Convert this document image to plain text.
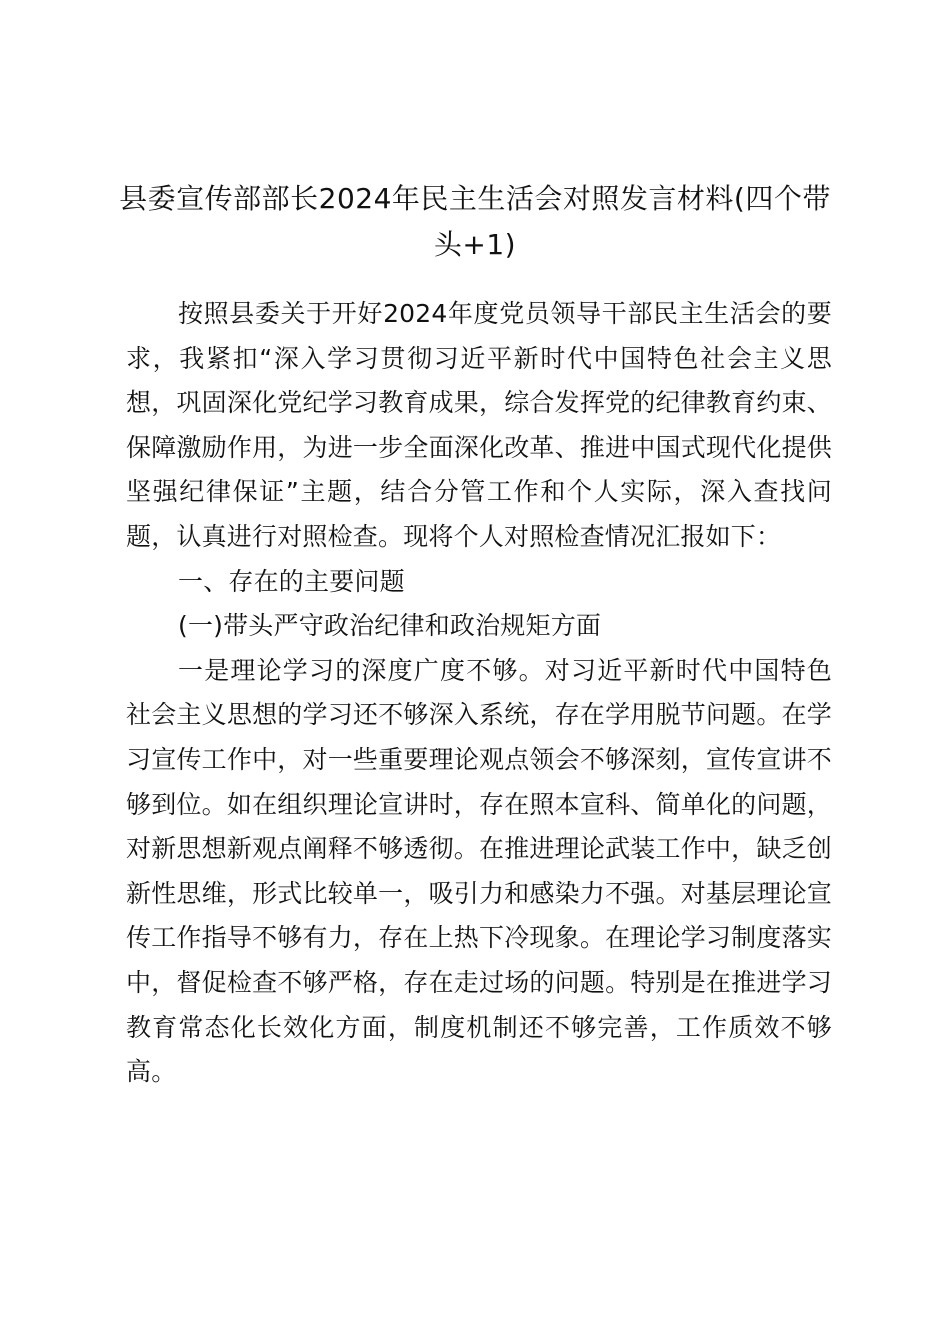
县委宣传部部长2024年民主生活会对照发言材料(四个带头+1)

按照县委关于开好2024年度党员领导干部民主生活会的要求，我紧扣“深入学习贯彻习近平新时代中国特色社会主义思想，巩固深化党纪学习教育成果，综合发挥党的纪律教育约束、保障激励作用，为进一步全面深化改革、推进中国式现代化提供坚强纪律保证”主题，结合分管工作和个人实际，深入查找问题，认真进行对照检查。现将个人对照检查情况汇报如下：

一、存在的主要问题

(一)带头严守政治纪律和政治规矩方面

一是理论学习的深度广度不够。对习近平新时代中国特色社会主义思想的学习还不够深入系统，存在学用脱节问题。在学习宣传工作中，对一些重要理论观点领会不够深刻，宣传宣讲不够到位。如在组织理论宣讲时，存在照本宣科、简单化的问题，对新思想新观点阐释不够透彻。在推进理论武装工作中，缺乏创新性思维，形式比较单一，吸引力和感染力不强。对基层理论宣传工作指导不够有力，存在上热下冷现象。在理论学习制度落实中，督促检查不够严格，存在走过场的问题。特别是在推进学习教育常态化长效化方面，制度机制还不够完善，工作质效不够高。
